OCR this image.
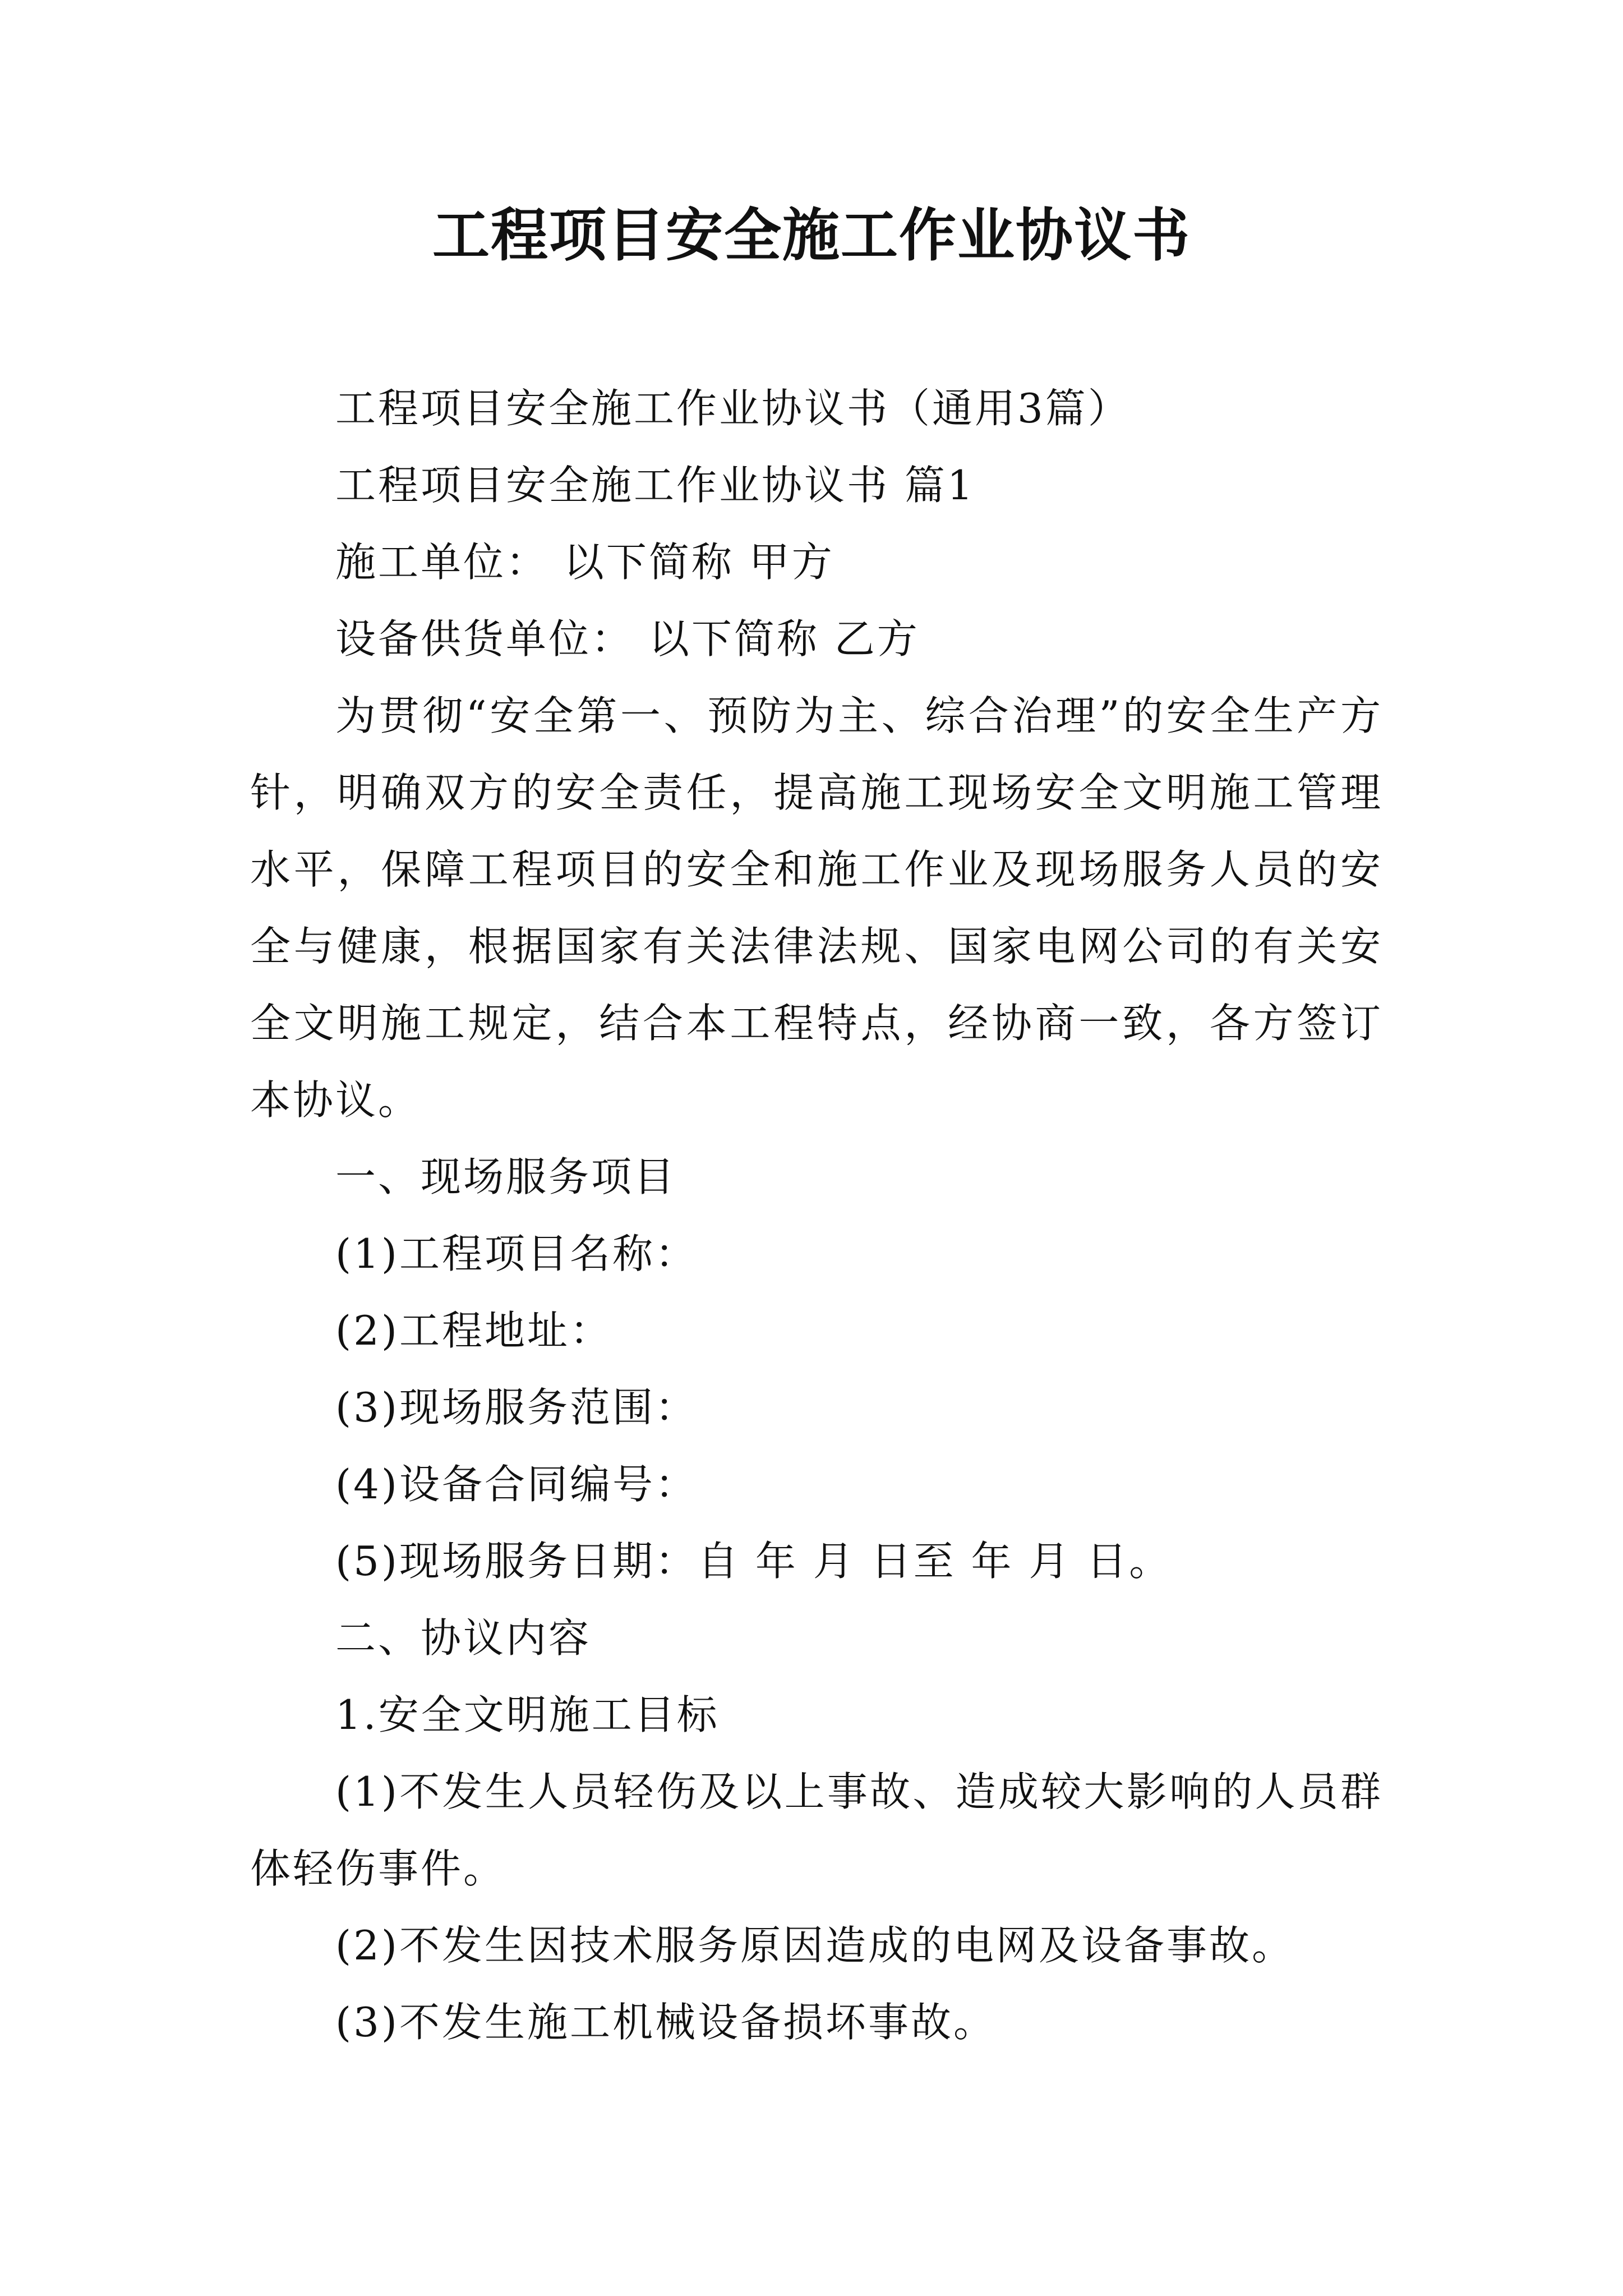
工程项目安全施工作业协议书

工程项目安全施工作业协议书（通用3篇）

工程项目安全施工作业协议书 篇1

施工单位： 以下简称 甲方

设备供货单位： 以下简称 乙方

为贯彻“安全第一、预防为主、综合治理”的安全生产方针，明确双方的安全责任，提高施工现场安全文明施工管理水平，保障工程项目的安全和施工作业及现场服务人员的安全与健康，根据国家有关法律法规、国家电网公司的有关安全文明施工规定，结合本工程特点，经协商一致，各方签订本协议。

一、现场服务项目

(1)工程项目名称：

(2)工程地址：

(3)现场服务范围：

(4)设备合同编号：

(5)现场服务日期：自 年 月 日至 年 月 日。

二、协议内容

1.安全文明施工目标

(1)不发生人员轻伤及以上事故、造成较大影响的人员群体轻伤事件。

(2)不发生因技术服务原因造成的电网及设备事故。

(3)不发生施工机械设备损坏事故。
